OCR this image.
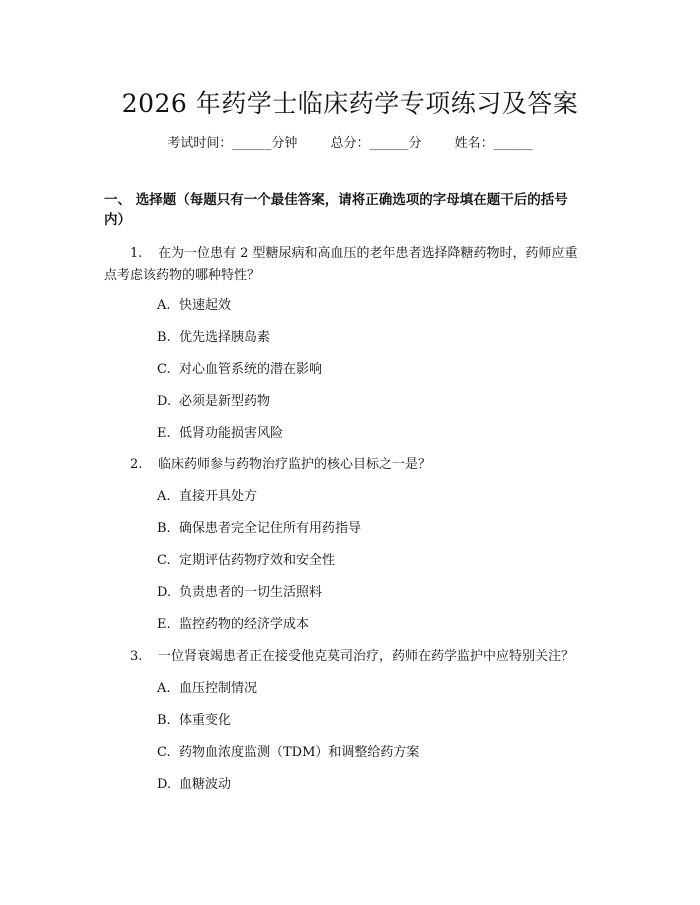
2026 年药学士临床药学专项练习及答案
考试时间：______分钟	总分：______分	姓名：______
一、 选择题（每题只有一个最佳答案，请将正确选项的字母填在题干后的括号
内）
1. 在为一位患有 2 型糖尿病和高血压的老年患者选择降糖药物时，药师应重
点考虑该药物的哪种特性？
A. 快速起效
B. 优先选择胰岛素
C. 对心血管系统的潜在影响
D. 必须是新型药物
E. 低肾功能损害风险
2. 临床药师参与药物治疗监护的核心目标之一是？
A. 直接开具处方
B. 确保患者完全记住所有用药指导
C. 定期评估药物疗效和安全性
D. 负责患者的一切生活照料
E. 监控药物的经济学成本
3. 一位肾衰竭患者正在接受他克莫司治疗，药师在药学监护中应特别关注？
A. 血压控制情况
B. 体重变化
C. 药物血浓度监测（TDM）和调整给药方案
D. 血糖波动
